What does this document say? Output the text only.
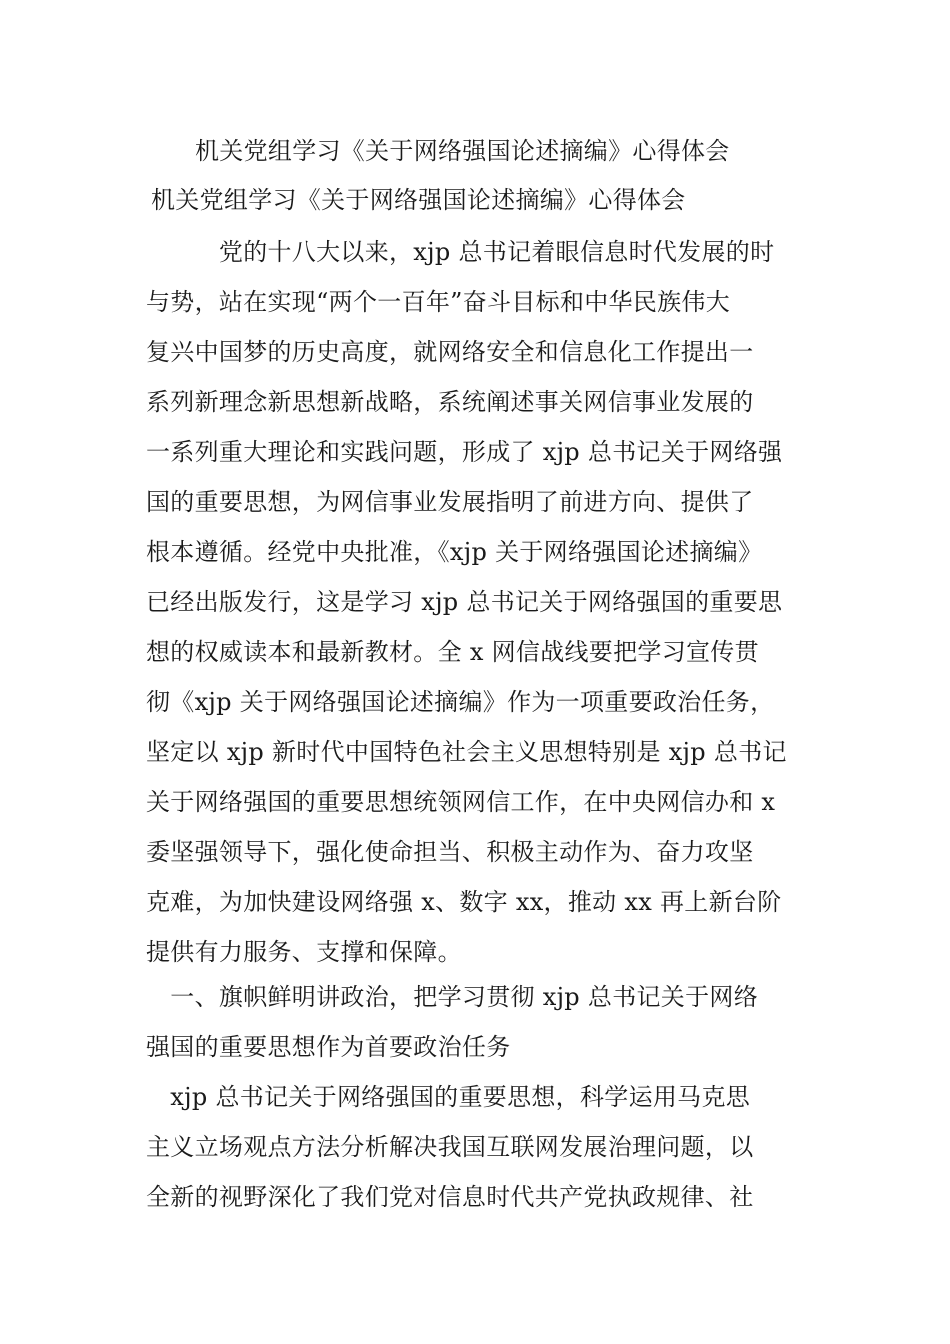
机关党组学习《关于网络强国论述摘编》心得体会
机关党组学习《关于网络强国论述摘编》心得体会
　　　党的十八大以来，xjp 总书记着眼信息时代发展的时
与势，站在实现“两个一百年”奋斗目标和中华民族伟大
复兴中国梦的历史高度，就网络安全和信息化工作提出一
系列新理念新思想新战略，系统阐述事关网信事业发展的
一系列重大理论和实践问题，形成了 xjp 总书记关于网络强
国的重要思想，为网信事业发展指明了前进方向、提供了
根本遵循。经党中央批准，《xjp 关于网络强国论述摘编》
已经出版发行，这是学习 xjp 总书记关于网络强国的重要思
想的权威读本和最新教材。全 x 网信战线要把学习宣传贯
彻《xjp 关于网络强国论述摘编》作为一项重要政治任务，
坚定以 xjp 新时代中国特色社会主义思想特别是 xjp 总书记
关于网络强国的重要思想统领网信工作，在中央网信办和 x
委坚强领导下，强化使命担当、积极主动作为、奋力攻坚
克难，为加快建设网络强 x、数字 xx，推动 xx 再上新台阶
提供有力服务、支撑和保障。
　一、旗帜鲜明讲政治，把学习贯彻 xjp 总书记关于网络
强国的重要思想作为首要政治任务
　xjp 总书记关于网络强国的重要思想，科学运用马克思
主义立场观点方法分析解决我国互联网发展治理问题，以
全新的视野深化了我们党对信息时代共产党执政规律、社
